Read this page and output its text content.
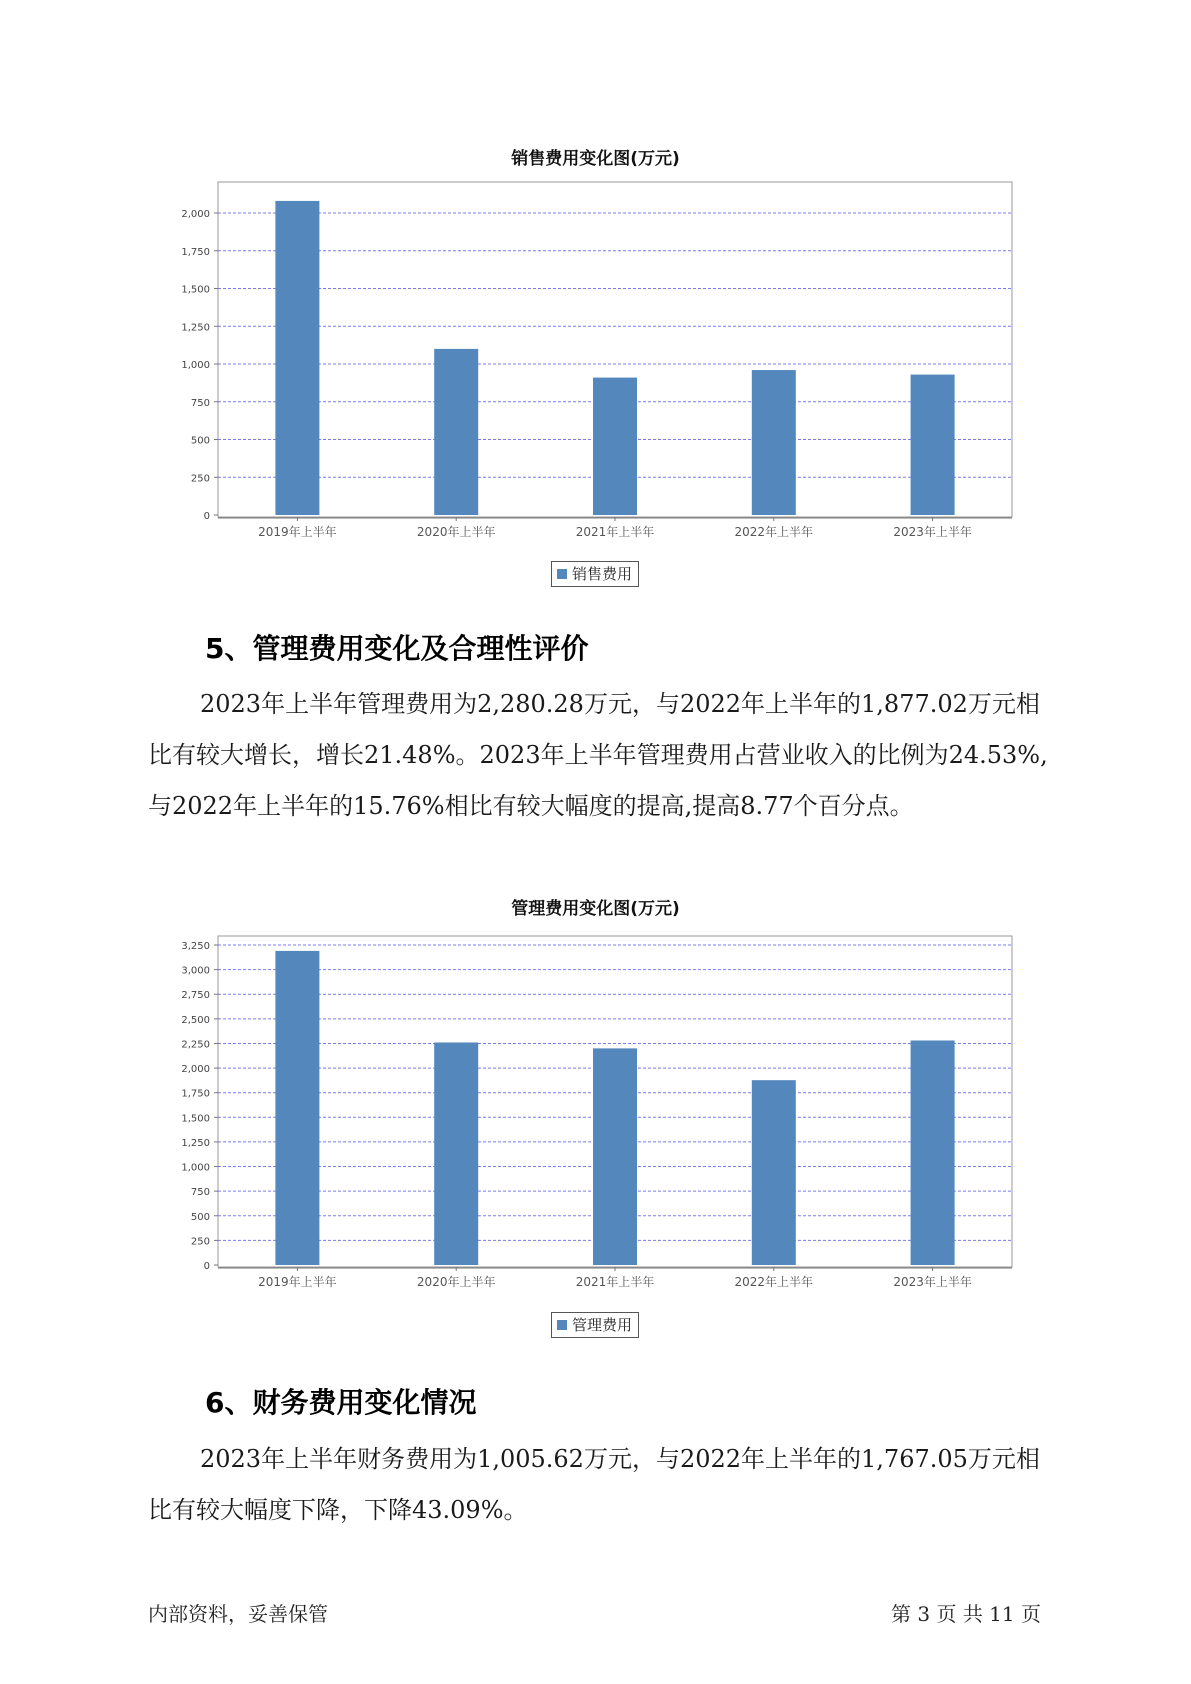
销售费用变化图(万元)
0
250
500
750
1,000
1,250
1,500
1,750
2,000
2019年上半年	2020年上半年	2021年上半年	2022年上半年	2023年上半年
销售费用
5、管理费用变化及合理性评价

2023年上半年管理费用为2,280.28万元，与2022年上半年的1,877.02万元相比有较大增长，增长21.48%。2023年上半年管理费用占营业收入的比例为24.53%,与2022年上半年的15.76%相比有较大幅度的提高,提高8.77个百分点。

管理费用变化图(万元)
0
250
500
750
1,000
1,250
1,500
1,750
2,000
2,250
2,500
2,750
3,000
3,250
2019年上半年	2020年上半年	2021年上半年	2022年上半年	2023年上半年
管理费用
6、财务费用变化情况

2023年上半年财务费用为1,005.62万元，与2022年上半年的1,767.05万元相比有较大幅度下降，下降43.09%。

内部资料，妥善保管	第 3 页 共 11 页
